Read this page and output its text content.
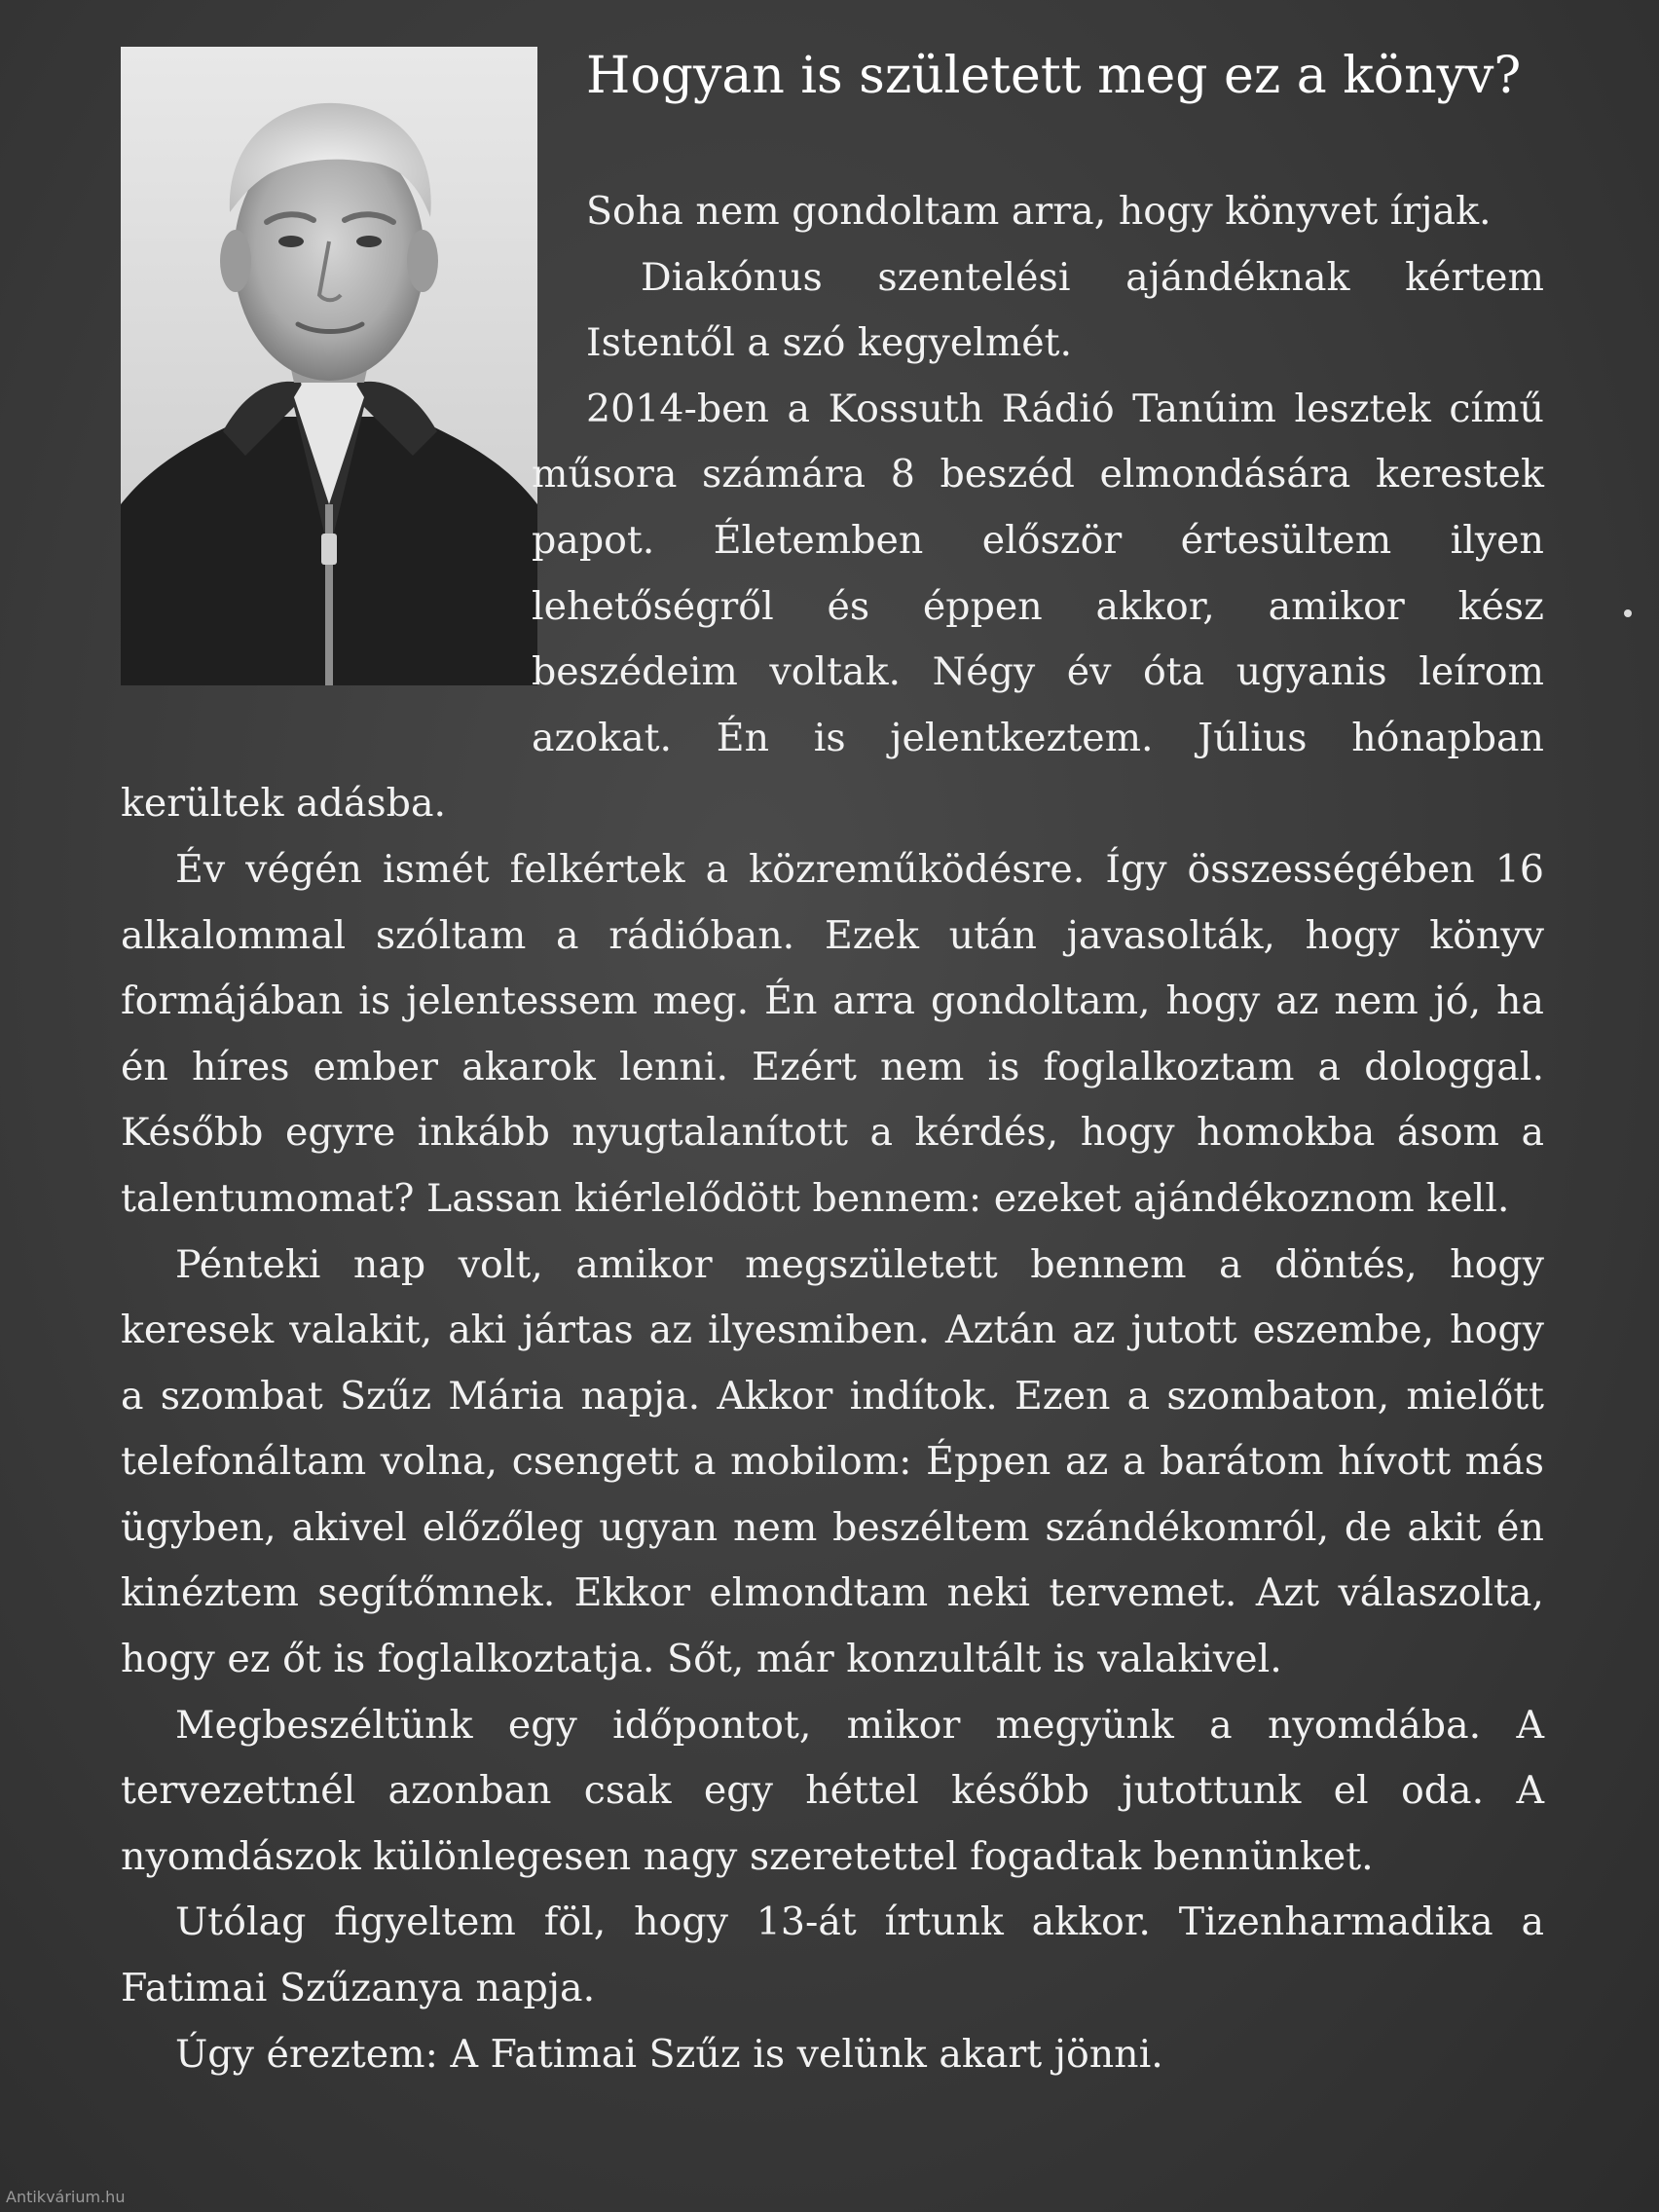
Hogyan is született meg ez a könyv?

Soha nem gondoltam arra, hogy könyvet írjak.

Diakónus szentelési ajándéknak kértem Istentől a szó kegyelmét.

2014-ben a Kossuth Rádió Tanúim lesztek című műsora számára 8 beszéd elmondására kerestek papot. Életemben először értesültem ilyen lehetőségről és éppen akkor, amikor kész beszédeim voltak. Négy év óta ugyanis leírom azokat. Én is jelentkeztem. Július hónapban kerültek adásba.

Év végén ismét felkértek a közreműködésre. Így összességében 16 alkalommal szóltam a rádióban. Ezek után javasolták, hogy könyv formájában is jelentessem meg. Én arra gondoltam, hogy az nem jó, ha én híres ember akarok lenni. Ezért nem is foglalkoztam a dologgal. Később egyre inkább nyugtalanított a kérdés, hogy homokba ásom a talentumomat? Lassan kiérlelődött bennem: ezeket ajándékoznom kell.

Pénteki nap volt, amikor megszületett bennem a döntés, hogy keresek valakit, aki jártas az ilyesmiben. Aztán az jutott eszembe, hogy a szombat Szűz Mária napja. Akkor indítok. Ezen a szombaton, mielőtt telefonáltam volna, csengett a mobilom: Éppen az a barátom hívott más ügyben, akivel előzőleg ugyan nem beszéltem szándékomról, de akit én kinéztem segítőmnek. Ekkor elmondtam neki tervemet. Azt válaszolta, hogy ez őt is foglalkoztatja. Sőt, már konzultált is valakivel.

Megbeszéltünk egy időpontot, mikor megyünk a nyomdába. A tervezettnél azonban csak egy héttel később jutottunk el oda. A nyomdászok különlegesen nagy szeretettel fogadtak bennünket.

Utólag figyeltem föl, hogy 13-át írtunk akkor. Tizenharmadika a Fatimai Szűzanya napja.

Úgy éreztem: A Fatimai Szűz is velünk akart jönni.

Antikvárium.hu
